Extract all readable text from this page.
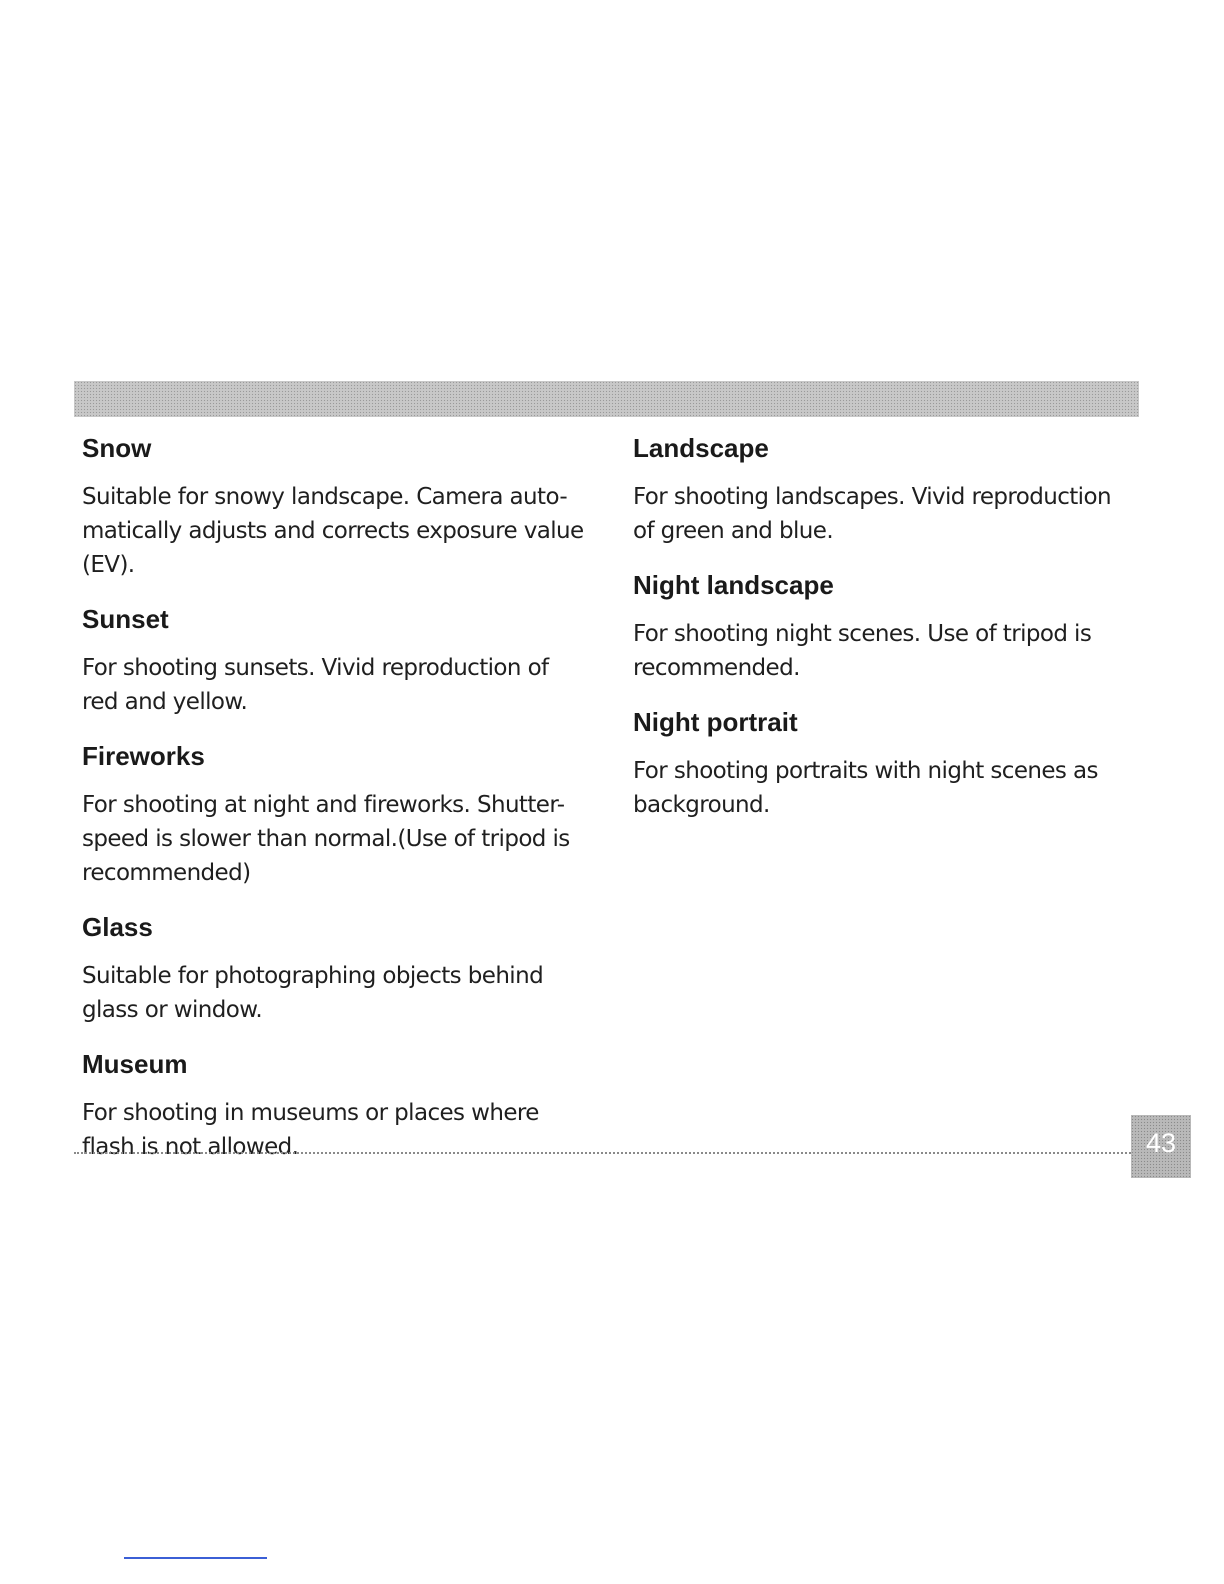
Snow

Suitable for snowy landscape. Camera auto-
matically adjusts and corrects exposure value
(EV).

Sunset

For shooting sunsets. Vivid reproduction of
red and yellow.

Fireworks

For shooting at night and fireworks. Shutter-
speed is slower than normal.(Use of tripod is
recommended)

Glass

Suitable for photographing objects behind
glass or window.

Museum

For shooting in museums or places where
flash is not allowed.

Landscape

For shooting landscapes. Vivid reproduction
of green and blue.

Night landscape

For shooting night scenes. Use of tripod is
recommended.

Night portrait

For shooting portraits with night scenes as
background.

43
